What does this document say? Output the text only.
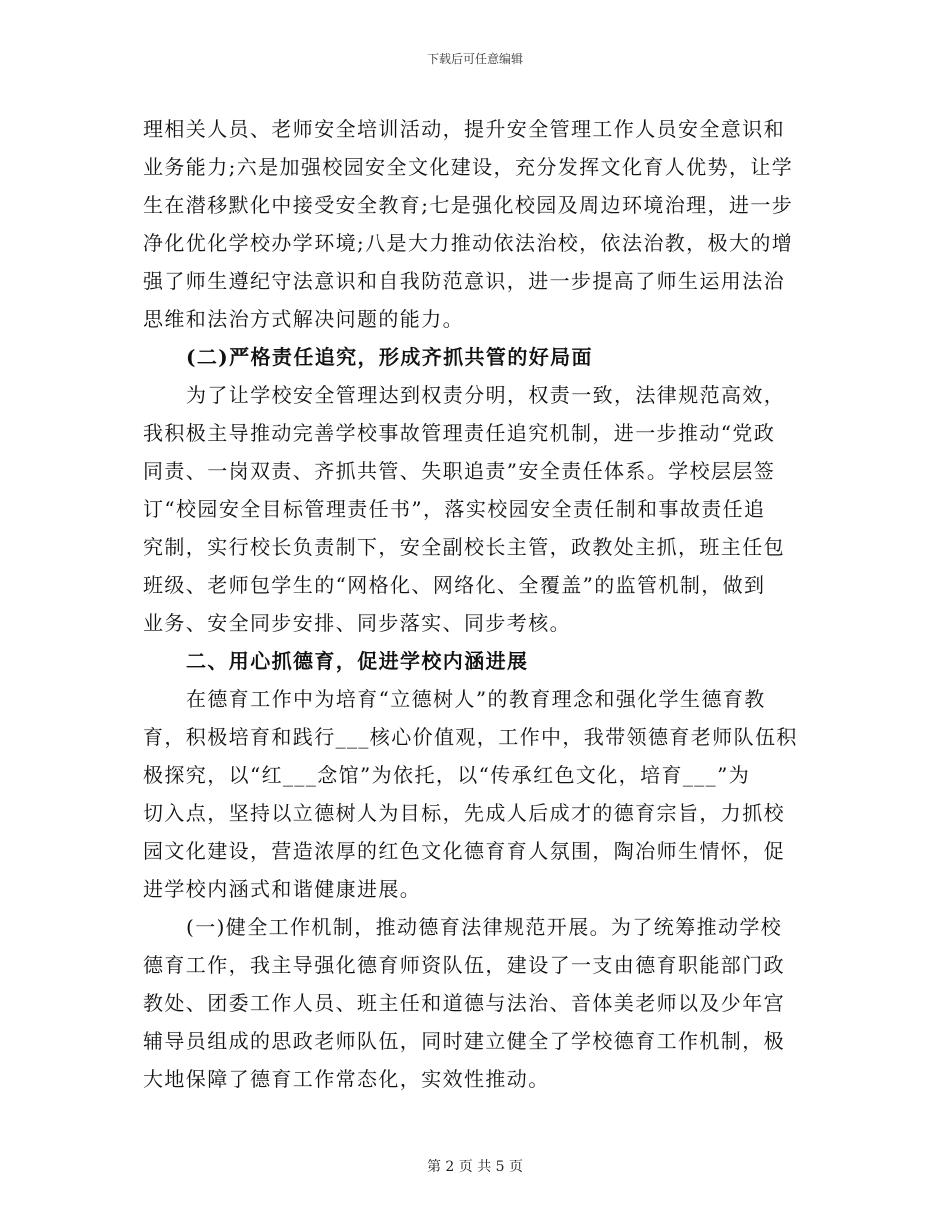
下载后可任意编辑
理相关人员、老师安全培训活动，提升安全管理工作人员安全意识和
业务能力;六是加强校园安全文化建设，充分发挥文化育人优势，让学
生在潜移默化中接受安全教育;七是强化校园及周边环境治理，进一步
净化优化学校办学环境;八是大力推动依法治校，依法治教，极大的增
强了师生遵纪守法意识和自我防范意识，进一步提高了师生运用法治
思维和法治方式解决问题的能力。
(二)严格责任追究，形成齐抓共管的好局面
为了让学校安全管理达到权责分明，权责一致，法律规范高效，
我积极主导推动完善学校事故管理责任追究机制，进一步推动“党政
同责、一岗双责、齐抓共管、失职追责”安全责任体系。学校层层签
订“校园安全目标管理责任书”，落实校园安全责任制和事故责任追
究制，实行校长负责制下，安全副校长主管，政教处主抓，班主任包
班级、老师包学生的“网格化、网络化、全覆盖”的监管机制，做到
业务、安全同步安排、同步落实、同步考核。
二、用心抓德育，促进学校内涵进展
在德育工作中为培育“立德树人”的教育理念和强化学生德育教
育，积极培育和践行___核心价值观，工作中，我带领德育老师队伍积
极探究，以“红___念馆”为依托，以“传承红色文化，培育___”为
切入点，坚持以立德树人为目标，先成人后成才的德育宗旨，力抓校
园文化建设，营造浓厚的红色文化德育育人氛围，陶冶师生情怀，促
进学校内涵式和谐健康进展。
(一)健全工作机制，推动德育法律规范开展。为了统筹推动学校
德育工作，我主导强化德育师资队伍，建设了一支由德育职能部门政
教处、团委工作人员、班主任和道德与法治、音体美老师以及少年宫
辅导员组成的思政老师队伍，同时建立健全了学校德育工作机制，极
大地保障了德育工作常态化，实效性推动。
第 2 页 共 5 页
